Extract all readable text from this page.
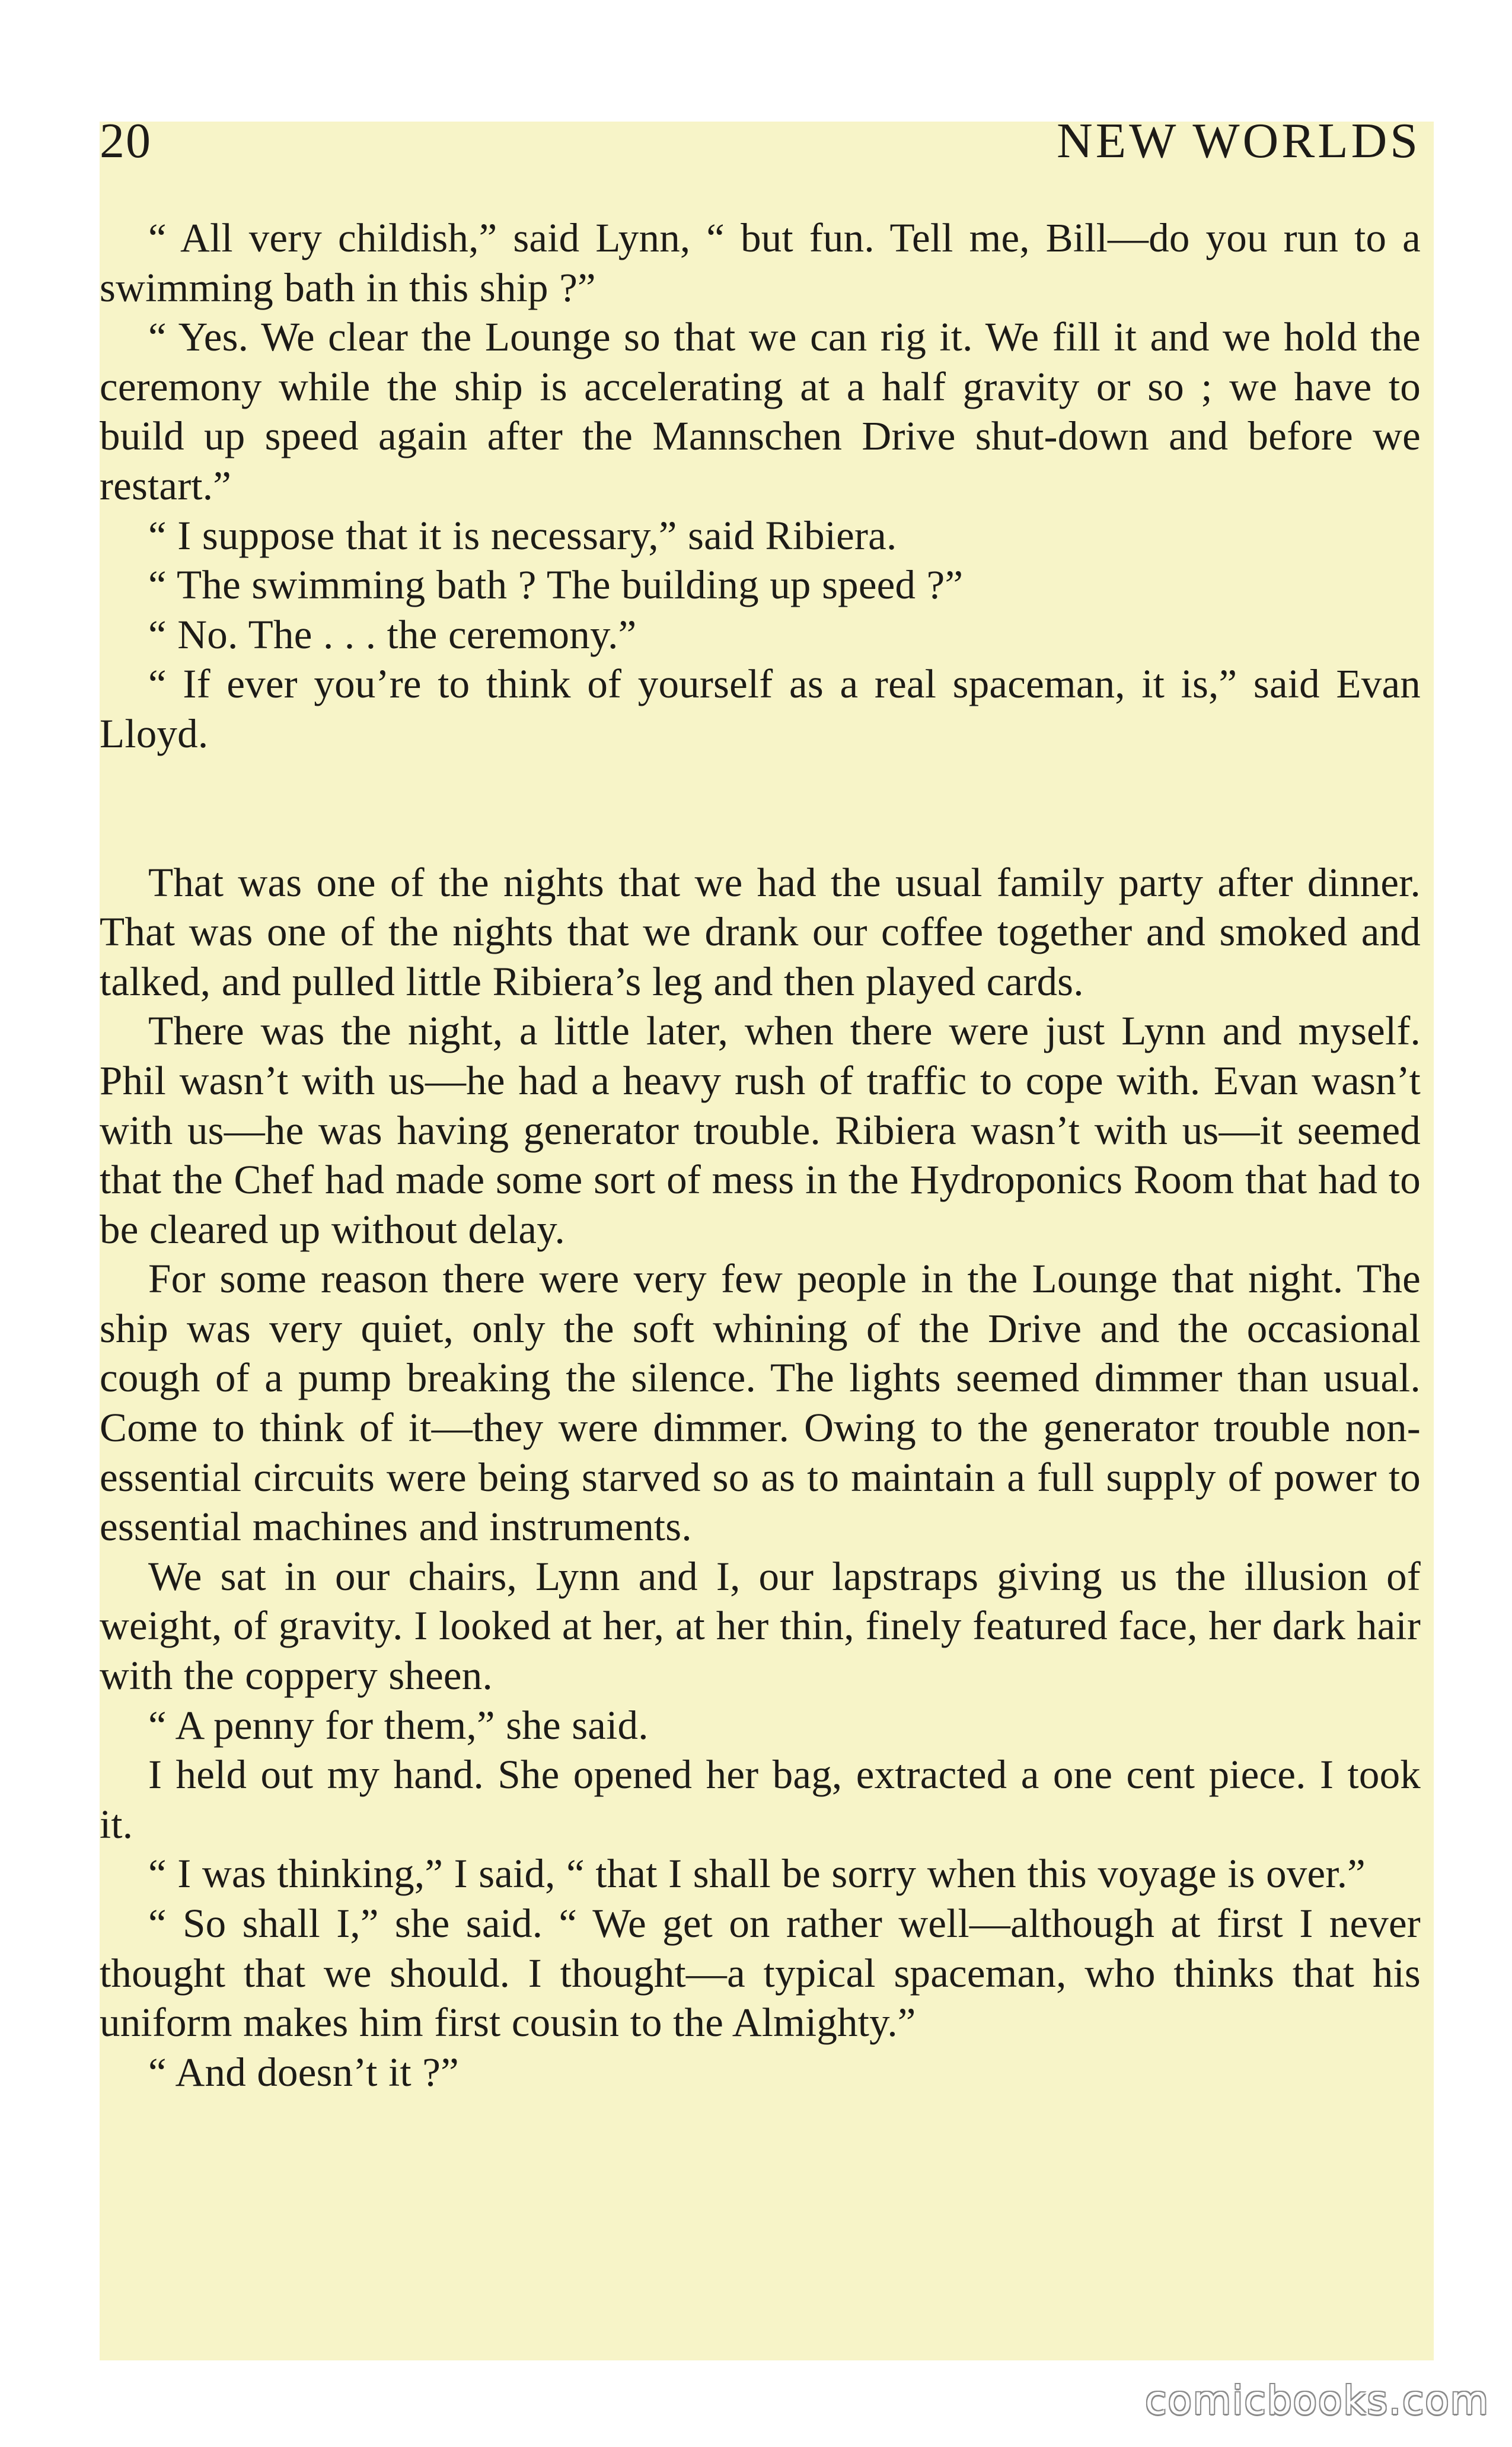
20	NEW WORLDS

“ All very childish,” said Lynn, “ but fun. Tell me, Bill—do you run to a swimming bath in this ship ?”

“ Yes. We clear the Lounge so that we can rig it. We fill it and we hold the ceremony while the ship is accelerating at a half gravity or so ; we have to build up speed again after the Mannschen Drive shut-down and before we restart.”

“ I suppose that it is necessary,” said Ribiera.

“ The swimming bath ? The building up speed ?”

“ No. The . . . the ceremony.”

“ If ever you’re to think of yourself as a real spaceman, it is,” said Evan Lloyd.

That was one of the nights that we had the usual family party after dinner. That was one of the nights that we drank our coffee together and smoked and talked, and pulled little Ribiera’s leg and then played cards.

There was the night, a little later, when there were just Lynn and myself. Phil wasn’t with us—he had a heavy rush of traffic to cope with. Evan wasn’t with us—he was having generator trouble. Ribiera wasn’t with us—it seemed that the Chef had made some sort of mess in the Hydroponics Room that had to be cleared up without delay.

For some reason there were very few people in the Lounge that night. The ship was very quiet, only the soft whining of the Drive and the occasional cough of a pump breaking the silence. The lights seemed dimmer than usual. Come to think of it—they were dimmer. Owing to the generator trouble non-essential circuits were being starved so as to maintain a full supply of power to essential machines and instruments.

We sat in our chairs, Lynn and I, our lapstraps giving us the illusion of weight, of gravity. I looked at her, at her thin, finely featured face, her dark hair with the coppery sheen.

“ A penny for them,” she said.

I held out my hand. She opened her bag, extracted a one cent piece. I took it.

“ I was thinking,” I said, “ that I shall be sorry when this voyage is over.”

“ So shall I,” she said. “ We get on rather well—although at first I never thought that we should. I thought—a typical spaceman, who thinks that his uniform makes him first cousin to the Almighty.”

“ And doesn’t it ?”

comicbooks.com
